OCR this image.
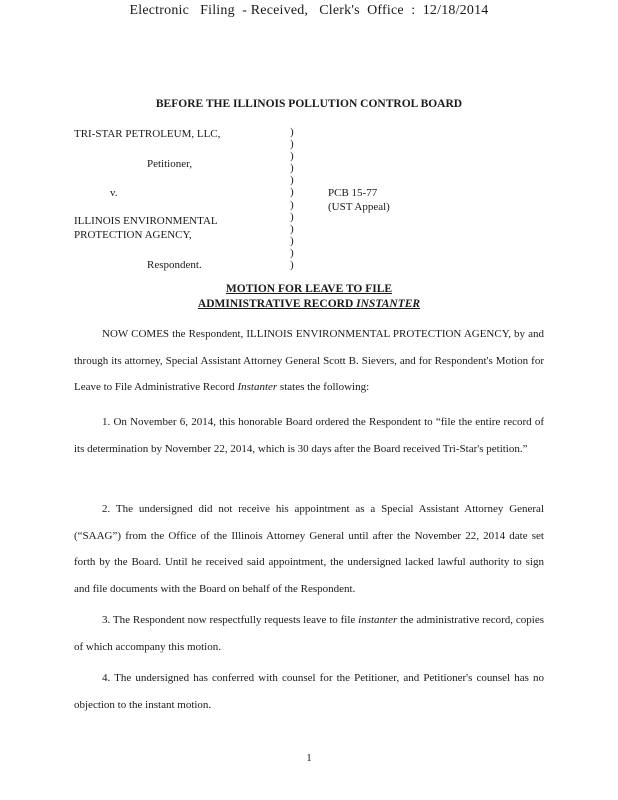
Electronic   Filing  - Received,   Clerk's  Office  :  12/18/2014
BEFORE THE ILLINOIS POLLUTION CONTROL BOARD
TRI-STAR PETROLEUM, LLC,
Petitioner,
v.
ILLINOIS ENVIRONMENTAL
PROTECTION AGENCY,
Respondent.
PCB 15-77
(UST Appeal)
)
)
)
)
)
)
)
)
)
)
)
)
MOTION FOR LEAVE TO FILE
ADMINISTRATIVE RECORD INSTANTER
NOW COMES the Respondent, ILLINOIS ENVIRONMENTAL PROTECTION AGENCY, by and through its attorney, Special Assistant Attorney General Scott B. Sievers, and for Respondent's Motion for Leave to File Administrative Record Instanter states the following:
1. On November 6, 2014, this honorable Board ordered the Respondent to “file the entire record of its determination by November 22, 2014, which is 30 days after the Board received Tri-Star's petition.”
2. The undersigned did not receive his appointment as a Special Assistant Attorney General (“SAAG”) from the Office of the Illinois Attorney General until after the November 22, 2014 date set forth by the Board. Until he received said appointment, the undersigned lacked lawful authority to sign and file documents with the Board on behalf of the Respondent.
3. The Respondent now respectfully requests leave to file instanter the administrative record, copies of which accompany this motion.
4. The undersigned has conferred with counsel for the Petitioner, and Petitioner's counsel has no objection to the instant motion.
1
